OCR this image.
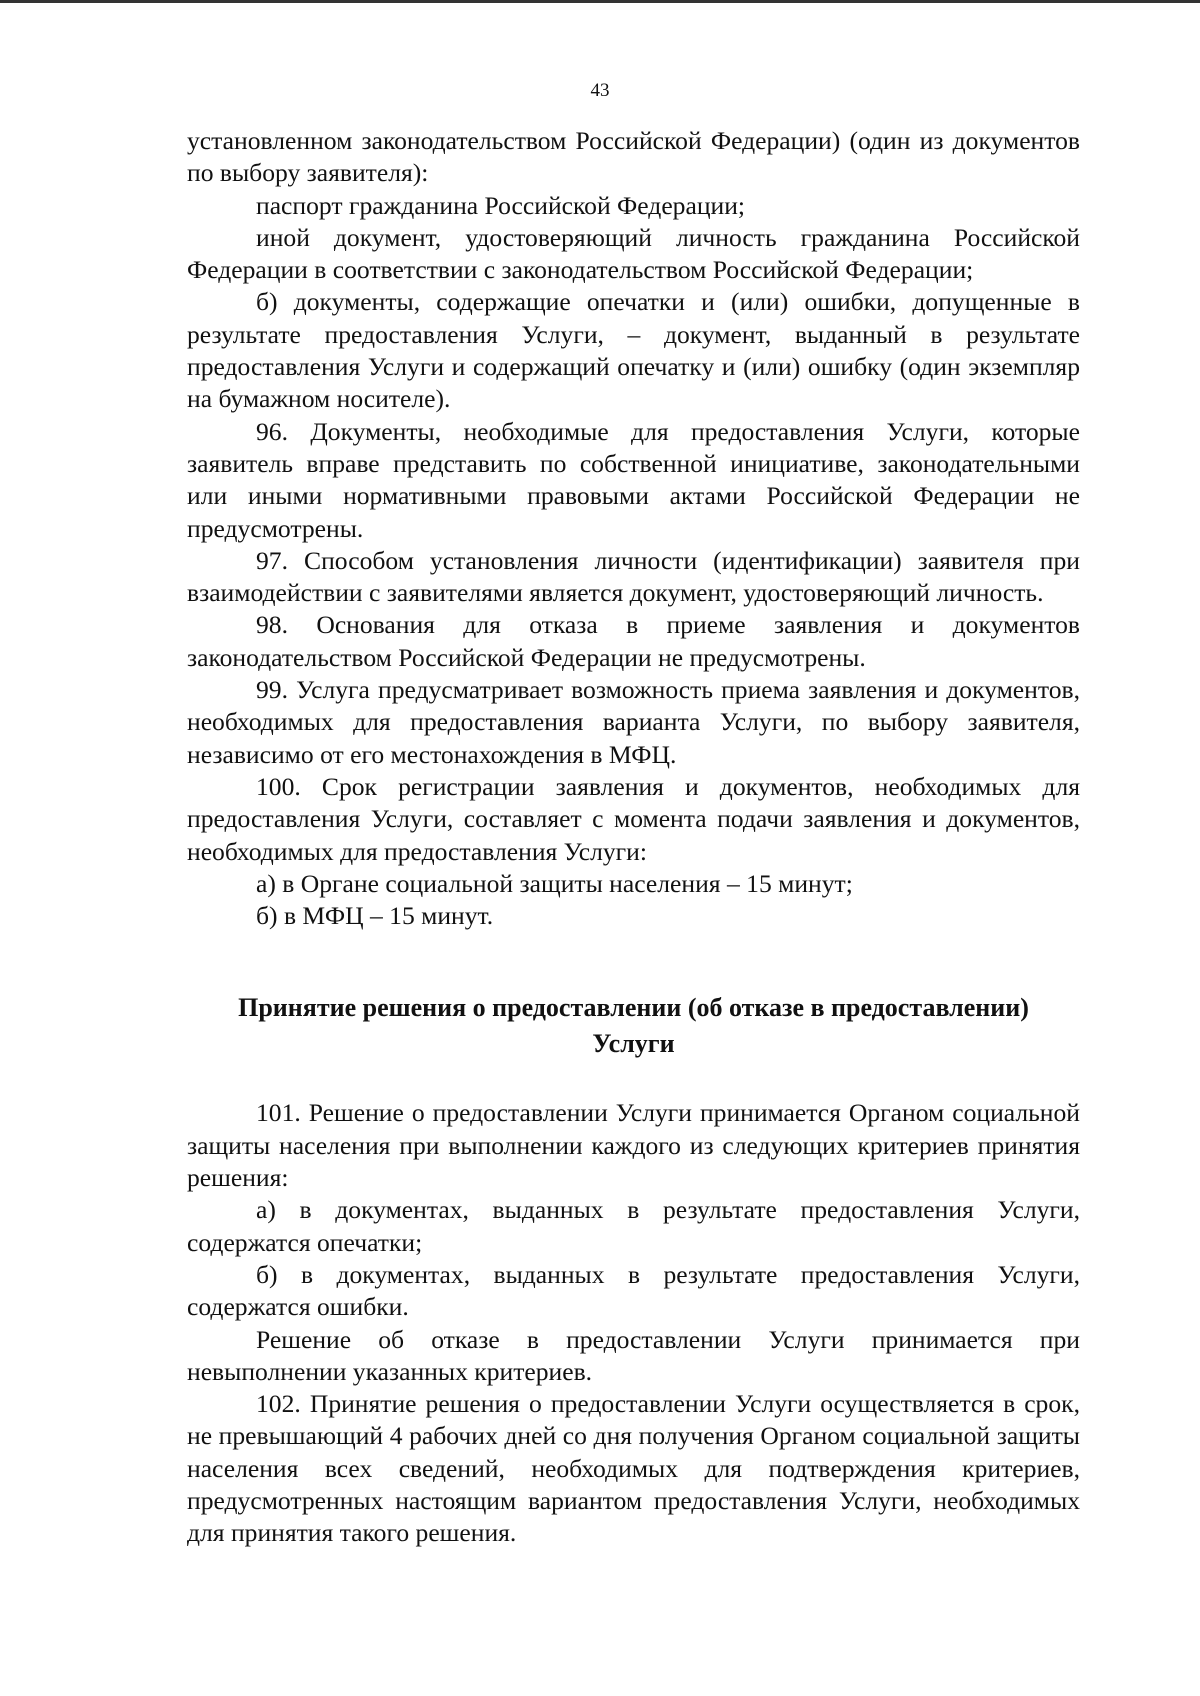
43

установленном законодательством Российской Федерации) (один из документов по выбору заявителя):

паспорт гражданина Российской Федерации;

иной документ, удостоверяющий личность гражданина Российской Федерации в соответствии с законодательством Российской Федерации;

б) документы, содержащие опечатки и (или) ошибки, допущенные в результате предоставления Услуги, – документ, выданный в результате предоставления Услуги и содержащий опечатку и (или) ошибку (один экземпляр на бумажном носителе).

96. Документы, необходимые для предоставления Услуги, которые заявитель вправе представить по собственной инициативе, законодательными или иными нормативными правовыми актами Российской Федерации не предусмотрены.

97. Способом установления личности (идентификации) заявителя при взаимодействии с заявителями является документ, удостоверяющий личность.

98. Основания для отказа в приеме заявления и документов законодательством Российской Федерации не предусмотрены.

99. Услуга предусматривает возможность приема заявления и документов, необходимых для предоставления варианта Услуги, по выбору заявителя, независимо от его местонахождения в МФЦ.

100. Срок регистрации заявления и документов, необходимых для предоставления Услуги, составляет с момента подачи заявления и документов, необходимых для предоставления Услуги:

а) в Органе социальной защиты населения – 15 минут;

б) в МФЦ – 15 минут.

Принятие решения о предоставлении (об отказе в предоставлении)
Услуги

101. Решение о предоставлении Услуги принимается Органом социальной защиты населения при выполнении каждого из следующих критериев принятия решения:

а) в документах, выданных в результате предоставления Услуги, содержатся опечатки;

б) в документах, выданных в результате предоставления Услуги, содержатся ошибки.

Решение об отказе в предоставлении Услуги принимается при невыполнении указанных критериев.

102. Принятие решения о предоставлении Услуги осуществляется в срок, не превышающий 4 рабочих дней со дня получения Органом социальной защиты населения всех сведений, необходимых для подтверждения критериев, предусмотренных настоящим вариантом предоставления Услуги, необходимых для принятия такого решения.
